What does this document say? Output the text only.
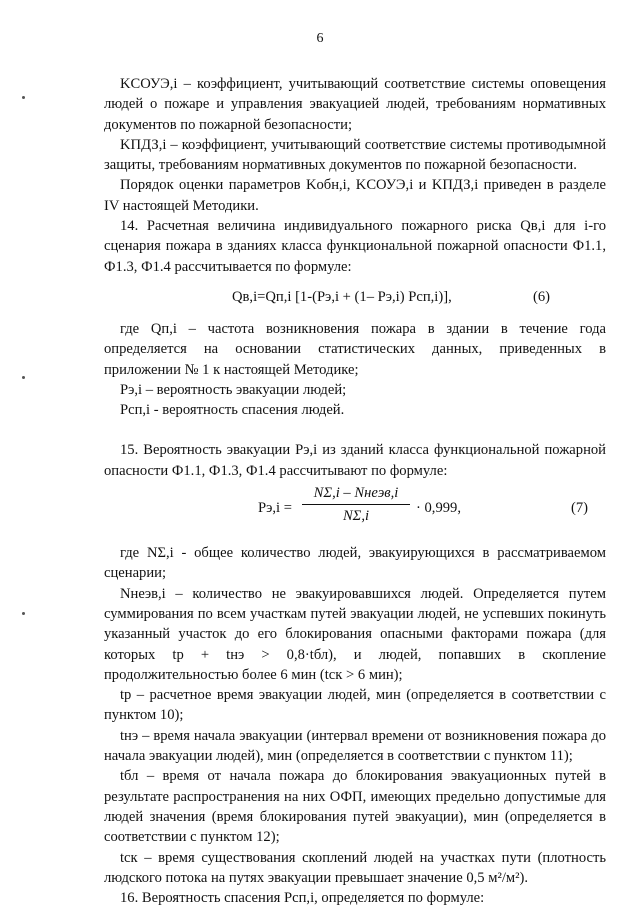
6

KСОУЭ,i – коэффициент, учитывающий соответствие системы оповещения людей о пожаре и управления эвакуацией людей, требованиям нормативных документов по пожарной безопасности;

KПДЗ,i – коэффициент, учитывающий соответствие системы противодымной защиты, требованиям нормативных документов по пожарной безопасности.

Порядок оценки параметров Kобн,i, KСОУЭ,i и KПДЗ,i приведен в разделе IV настоящей Методики.

14. Расчетная величина индивидуального пожарного риска Qв,i для i-го сценария пожара в зданиях класса функциональной пожарной опасности Ф1.1, Ф1.3, Ф1.4 рассчитывается по формуле:

Qв,i=Qп,i [1-(Pэ,i + (1– Pэ,i) Pсп,i)],	(6)

где Qп,i – частота возникновения пожара в здании в течение года определяется на основании статистических данных, приведенных в приложении № 1 к настоящей Методике;

Pэ,i – вероятность эвакуации людей;

Pсп,i - вероятность спасения людей.

15. Вероятность эвакуации Pэ,i из зданий класса функциональной пожарной опасности Ф1.1, Ф1.3, Ф1.4 рассчитывают по формуле:

Pэ,i =
NΣ,i – Nнеэв,i
NΣ,i
· 0,999,	(7)

где NΣ,i - общее количество людей, эвакуирующихся в рассматриваемом сценарии;

Nнеэв,i – количество не эвакуировавшихся людей. Определяется путем суммирования по всем участкам путей эвакуации людей, не успевших покинуть указанный участок до его блокирования опасными факторами пожара (для которых tр + tнэ > 0,8·tбл), и людей, попавших в скопление продолжительностью более 6 мин (tск > 6 мин);

tр – расчетное время эвакуации людей, мин (определяется в соответствии с пунктом 10);

tнэ – время начала эвакуации (интервал времени от возникновения пожара до начала эвакуации людей), мин (определяется в соответствии с пунктом 11);

tбл – время от начала пожара до блокирования эвакуационных путей в результате распространения на них ОФП, имеющих предельно допустимые для людей значения (время блокирования путей эвакуации), мин (определяется в соответствии с пунктом 12);

tск – время существования скоплений людей на участках пути (плотность людского потока на путях эвакуации превышает значение 0,5 м²/м²).

16. Вероятность спасения Pсп,i, определяется по формуле:
